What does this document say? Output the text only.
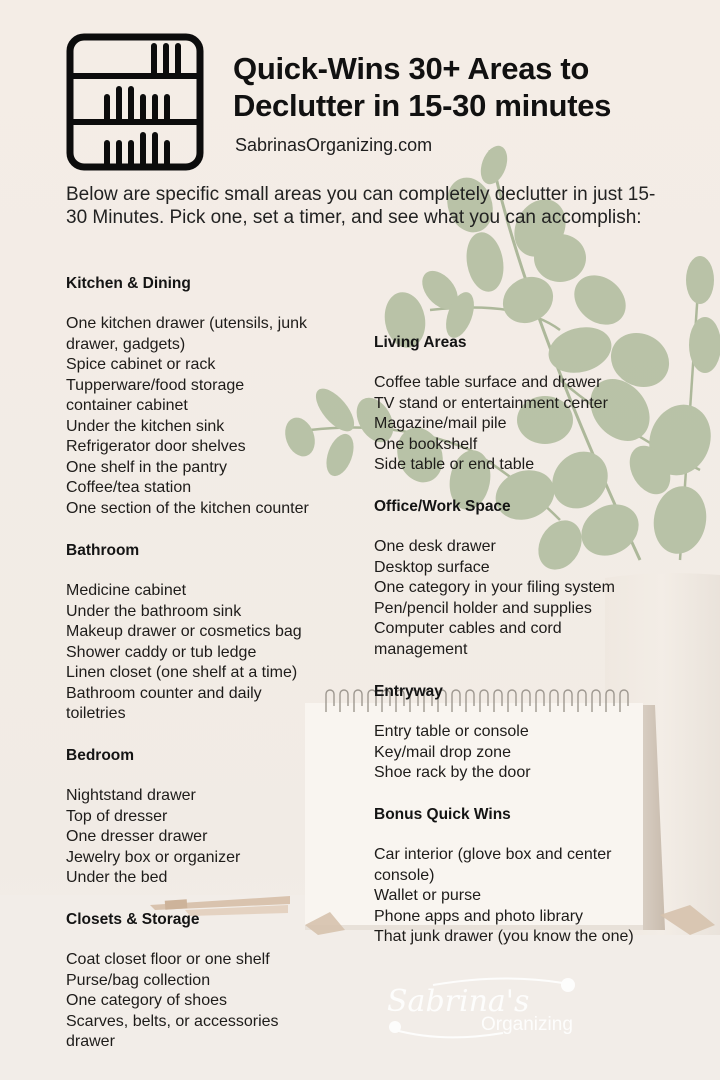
Quick-Wins 30+ Areas to
Declutter in 15-30 minutes
SabrinasOrganizing.com
Below are specific small areas you can completely declutter in just 15-30 Minutes. Pick one, set a timer, and see what you can accomplish:
Kitchen & Dining
One kitchen drawer (utensils, junk drawer, gadgets)
Spice cabinet or rack
Tupperware/food storage container cabinet
Under the kitchen sink
Refrigerator door shelves
One shelf in the pantry
Coffee/tea station
One section of the kitchen counter
Bathroom
Medicine cabinet
Under the bathroom sink
Makeup drawer or cosmetics bag
Shower caddy or tub ledge
Linen closet (one shelf at a time)
Bathroom counter and daily toiletries
Bedroom
Nightstand drawer
Top of dresser
One dresser drawer
Jewelry box or organizer
Under the bed
Closets & Storage
Coat closet floor or one shelf
Purse/bag collection
One category of shoes
Scarves, belts, or accessories drawer
Living Areas
Coffee table surface and drawer
TV stand or entertainment center
Magazine/mail pile
One bookshelf
Side table or end table
Office/Work Space
One desk drawer
Desktop surface
One category in your filing system
Pen/pencil holder and supplies
Computer cables and cord management
Entryway
Entry table or console
Key/mail drop zone
Shoe rack by the door
Bonus Quick Wins
Car interior (glove box and center console)
Wallet or purse
Phone apps and photo library
That junk drawer (you know the one)
Sabrina's
Organizing
